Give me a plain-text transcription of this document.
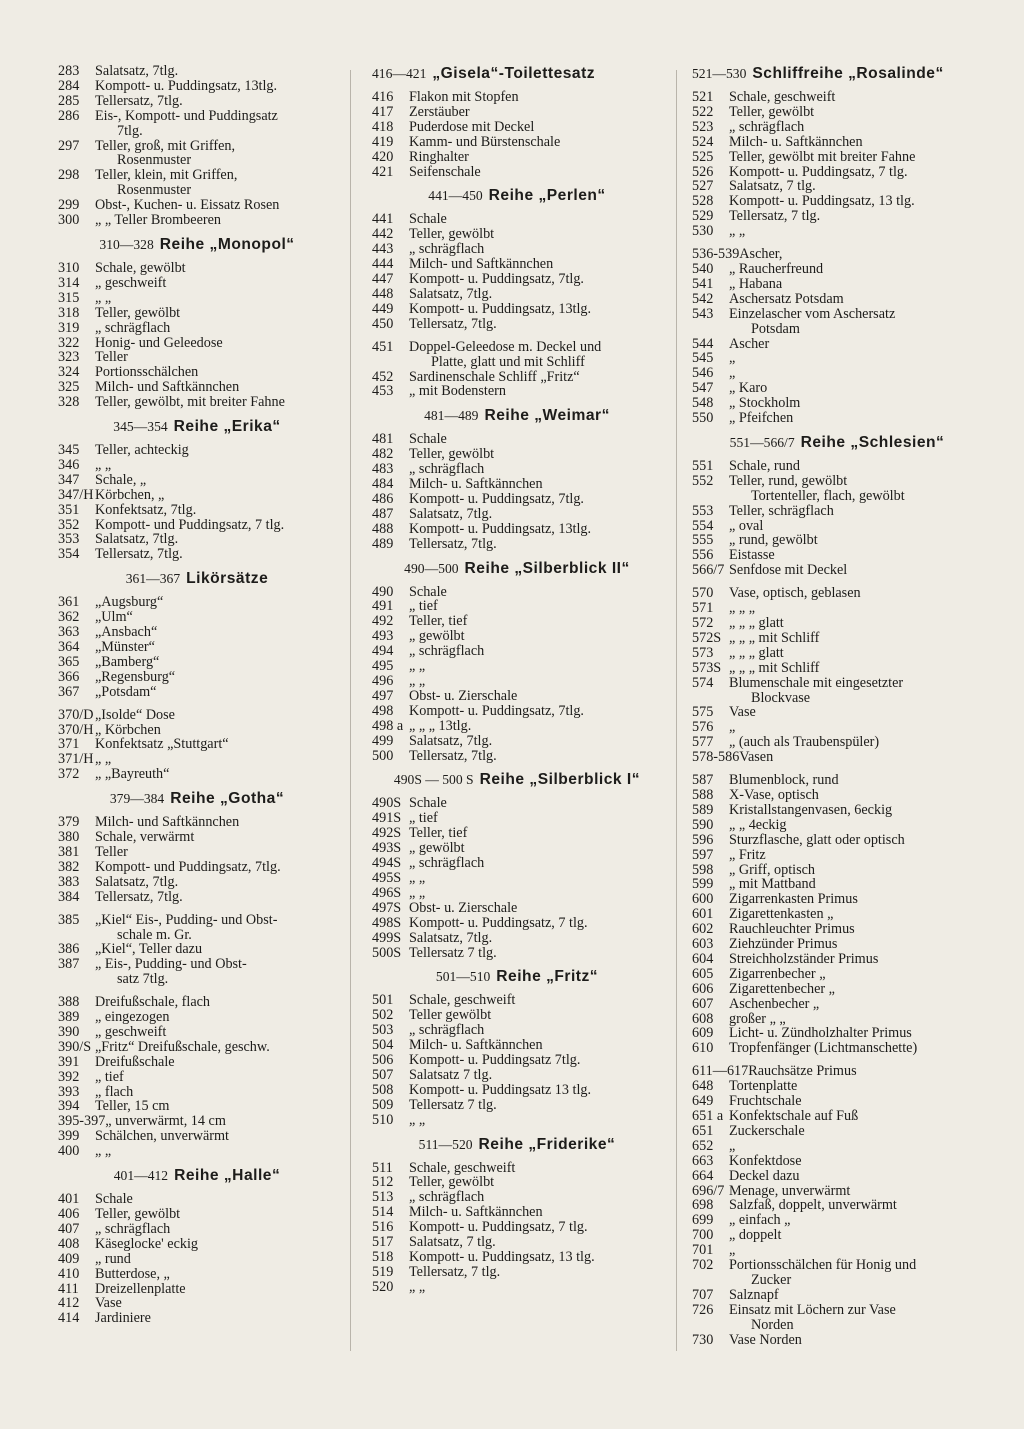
283	Salatsatz, 7tlg.
284	Kompott- u. Puddingsatz, 13tlg.
285	Tellersatz, 7tlg.
286	Eis-, Kompott- und Puddingsatz
7tlg.
297	Teller, groß, mit Griffen,
Rosenmuster
298	Teller, klein, mit Griffen,
Rosenmuster
299	Obst-, Kuchen- u. Eissatz Rosen
300	„ „ Teller Brombeeren
310—328 Reihe „Monopol“
310	Schale, gewölbt
314	„ geschweift
315	„ „
318	Teller, gewölbt
319	„ schrägflach
322	Honig- und Geleedose
323	Teller
324	Portionsschälchen
325	Milch- und Saftkännchen
328	Teller, gewölbt, mit breiter Fahne
345—354 Reihe „Erika“
345	Teller, achteckig
346	„ „
347	Schale, „
347/H Körbchen, „
351	Konfektsatz, 7tlg.
352	Kompott- und Puddingsatz, 7 tlg.
353	Salatsatz, 7tlg.
354	Tellersatz, 7tlg.
361—367 Likörsätze
361	„Augsburg“
362	„Ulm“
363	„Ansbach“
364	„Münster“
365	„Bamberg“
366	„Regensburg“
367	„Potsdam“
370/D „Isolde“ Dose
370/H „ Körbchen
371	Konfektsatz „Stuttgart“
371/H „ „
372	„ „Bayreuth“
379—384 Reihe „Gotha“
379	Milch- und Saftkännchen
380	Schale, verwärmt
381	Teller
382	Kompott- und Puddingsatz, 7tlg.
383	Salatsatz, 7tlg.
384	Tellersatz, 7tlg.
385	„Kiel“ Eis-, Pudding- und Obst-
schale m. Gr.
386	„Kiel“, Teller dazu
387	„ Eis-, Pudding- und Obst-
satz 7tlg.
388	Dreifußschale, flach
389	„ eingezogen
390	„ geschweift
390/S „Fritz“ Dreifußschale, geschw.
391	Dreifußschale
392	„ tief
393	„ flach
394	Teller, 15 cm
395-397 „ unverwärmt, 14 cm
399	Schälchen, unverwärmt
400	„ „
401—412 Reihe „Halle“
401	Schale
406	Teller, gewölbt
407	„ schrägflach
408	Käseglocke' eckig
409	„ rund
410	Butterdose, „
411	Dreizellenplatte
412	Vase
414	Jardiniere
416—421 „Gisela“-Toilettesatz
416	Flakon mit Stopfen
417	Zerstäuber
418	Puderdose mit Deckel
419	Kamm- und Bürstenschale
420	Ringhalter
421	Seifenschale
441—450 Reihe „Perlen“
441	Schale
442	Teller, gewölbt
443	„ schrägflach
444	Milch- und Saftkännchen
447	Kompott- u. Puddingsatz, 7tlg.
448	Salatsatz, 7tlg.
449	Kompott- u. Puddingsatz, 13tlg.
450	Tellersatz, 7tlg.
451	Doppel-Geleedose m. Deckel und
Platte, glatt und mit Schliff
452	Sardinenschale Schliff „Fritz“
453	„ mit Bodenstern
481—489 Reihe „Weimar“
481	Schale
482	Teller, gewölbt
483	„ schrägflach
484	Milch- u. Saftkännchen
486	Kompott- u. Puddingsatz, 7tlg.
487	Salatsatz, 7tlg.
488	Kompott- u. Puddingsatz, 13tlg.
489	Tellersatz, 7tlg.
490—500 Reihe „Silberblick II“
490	Schale
491	„ tief
492	Teller, tief
493	„ gewölbt
494	„ schrägflach
495	„ „
496	„ „
497	Obst- u. Zierschale
498	Kompott- u. Puddingsatz, 7tlg.
498 a „ „ „ 13tlg.
499	Salatsatz, 7tlg.
500	Tellersatz, 7tlg.
490S — 500 S Reihe „Silberblick I“
490S Schale
491S „ tief
492S Teller, tief
493S „ gewölbt
494S „ schrägflach
495S „ „
496S „ „
497S Obst- u. Zierschale
498S Kompott- u. Puddingsatz, 7 tlg.
499S Salatsatz, 7tlg.
500S Tellersatz 7 tlg.
501—510 Reihe „Fritz“
501	Schale, geschweift
502	Teller gewölbt
503	„ schrägflach
504	Milch- u. Saftkännchen
506	Kompott- u. Puddingsatz 7tlg.
507	Salatsatz 7 tlg.
508	Kompott- u. Puddingsatz 13 tlg.
509	Tellersatz 7 tlg.
510	„ „
511—520 Reihe „Friderike“
511	Schale, geschweift
512	Teller, gewölbt
513	„ schrägflach
514	Milch- u. Saftkännchen
516	Kompott- u. Puddingsatz, 7 tlg.
517	Salatsatz, 7 tlg.
518	Kompott- u. Puddingsatz, 13 tlg.
519	Tellersatz, 7 tlg.
520	„ „
521—530 Schliffreihe „Rosalinde“
521	Schale, geschweift
522	Teller, gewölbt
523	„ schrägflach
524	Milch- u. Saftkännchen
525	Teller, gewölbt mit breiter Fahne
526	Kompott- u. Puddingsatz, 7 tlg.
527	Salatsatz, 7 tlg.
528	Kompott- u. Puddingsatz, 13 tlg.
529	Tellersatz, 7 tlg.
530	„ „
536-539 Ascher,
540	„ Raucherfreund
541	„ Habana
542	Aschersatz Potsdam
543	Einzelascher vom Aschersatz
Potsdam
544	Ascher
545	„
546	„
547	„ Karo
548	„ Stockholm
550	„ Pfeifchen
551—566/7 Reihe „Schlesien“
551	Schale, rund
552	Teller, rund, gewölbt
Tortenteller, flach, gewölbt
553	Teller, schrägflach
554	„ oval
555	„ rund, gewölbt
556	Eistasse
566/7 Senfdose mit Deckel
570	Vase, optisch, geblasen
571	„ „ „
572	„ „ „ glatt
572S „ „ „ mit Schliff
573	„ „ „ glatt
573S „ „ „ mit Schliff
574	Blumenschale mit eingesetzter
Blockvase
575	Vase
576	„
577	„ (auch als Traubenspüler)
578-586 Vasen
587	Blumenblock, rund
588	X-Vase, optisch
589	Kristallstangenvasen, 6eckig
590	„ „ 4eckig
596	Sturzflasche, glatt oder optisch
597	„ Fritz
598	„ Griff, optisch
599	„ mit Mattband
600	Zigarrenkasten Primus
601	Zigarettenkasten „
602	Rauchleuchter Primus
603	Ziehzünder Primus
604	Streichholzständer Primus
605	Zigarrenbecher „
606	Zigarettenbecher „
607	Aschenbecher „
608	großer „ „
609	Licht- u. Zündholzhalter Primus
610	Tropfenfänger (Lichtmanschette)
611—617 Rauchsätze Primus
648	Tortenplatte
649	Fruchtschale
651 a Konfektschale auf Fuß
651	Zuckerschale
652	„
663	Konfektdose
664	Deckel dazu
696/7 Menage, unverwärmt
698	Salzfaß, doppelt, unverwärmt
699	„ einfach „
700	„ doppelt
701	„
702	Portionsschälchen für Honig und
Zucker
707	Salznapf
726	Einsatz mit Löchern zur Vase
Norden
730	Vase Norden
